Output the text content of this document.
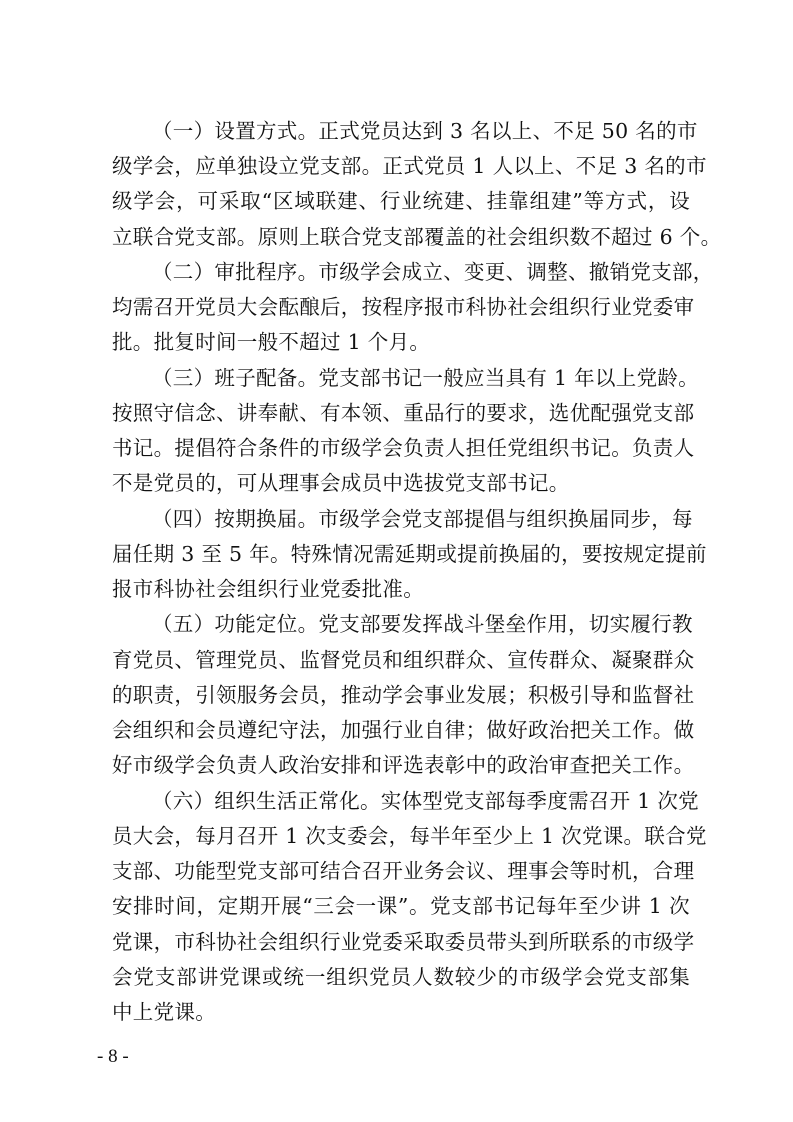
（一）设置方式。正式党员达到 3 名以上、不足 50 名的市
级学会，应单独设立党支部。正式党员 1 人以上、不足 3 名的市
级学会，可采取“区域联建、行业统建、挂靠组建”等方式，设
立联合党支部。原则上联合党支部覆盖的社会组织数不超过 6 个。
（二）审批程序。市级学会成立、变更、调整、撤销党支部，
均需召开党员大会酝酿后，按程序报市科协社会组织行业党委审
批。批复时间一般不超过 1 个月。
（三）班子配备。党支部书记一般应当具有 1 年以上党龄。
按照守信念、讲奉献、有本领、重品行的要求，选优配强党支部
书记。提倡符合条件的市级学会负责人担任党组织书记。负责人
不是党员的，可从理事会成员中选拔党支部书记。
（四）按期换届。市级学会党支部提倡与组织换届同步，每
届任期 3 至 5 年。特殊情况需延期或提前换届的，要按规定提前
报市科协社会组织行业党委批准。
（五）功能定位。党支部要发挥战斗堡垒作用，切实履行教
育党员、管理党员、监督党员和组织群众、宣传群众、凝聚群众
的职责，引领服务会员，推动学会事业发展；积极引导和监督社
会组织和会员遵纪守法，加强行业自律；做好政治把关工作。做
好市级学会负责人政治安排和评选表彰中的政治审查把关工作。
（六）组织生活正常化。实体型党支部每季度需召开 1 次党
员大会，每月召开 1 次支委会，每半年至少上 1 次党课。联合党
支部、功能型党支部可结合召开业务会议、理事会等时机，合理
安排时间，定期开展“三会一课”。党支部书记每年至少讲 1 次
党课，市科协社会组织行业党委采取委员带头到所联系的市级学
会党支部讲党课或统一组织党员人数较少的市级学会党支部集
中上党课。
- 8 -
